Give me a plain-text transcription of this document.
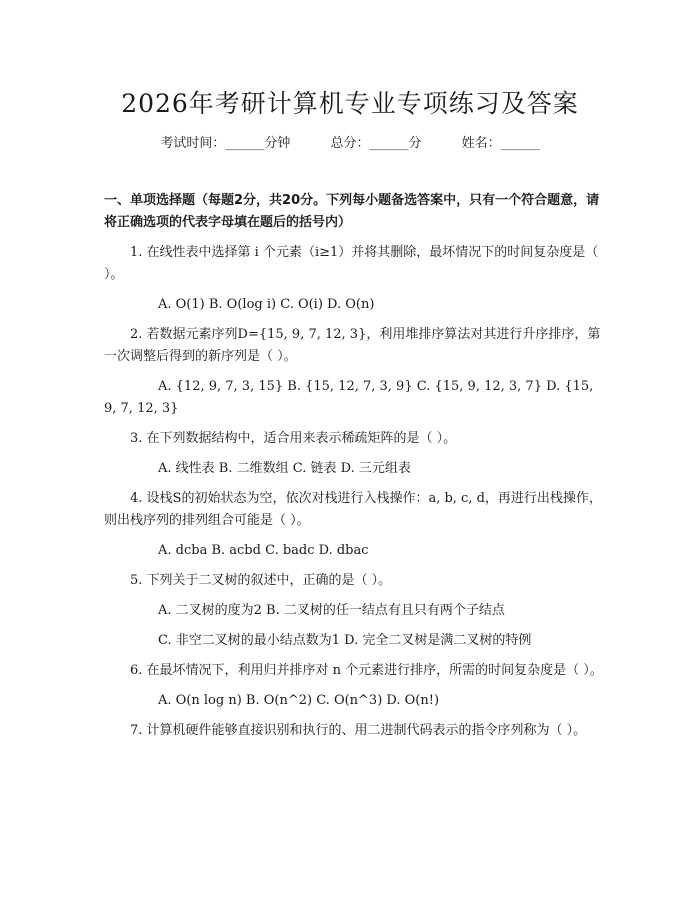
2026年考研计算机专业专项练习及答案
考试时间：______分钟	总分：______分	姓名：______

一、单项选择题（每题2分，共20分。下列每小题备选答案中，只有一个符合题意，请将正确选项的代表字母填在题后的括号内）

1. 在线性表中选择第 i 个元素（i≥1）并将其删除，最坏情况下的时间复杂度是（ ）。

A. O(1) B. O(log i) C. O(i) D. O(n)

2. 若数据元素序列D={15, 9, 7, 12, 3}，利用堆排序算法对其进行升序排序，第一次调整后得到的新序列是（ ）。

A. {12, 9, 7, 3, 15} B. {15, 12, 7, 3, 9} C. {15, 9, 12, 3, 7} D. {15, 9, 7, 12, 3}

3. 在下列数据结构中，适合用来表示稀疏矩阵的是（ ）。

A. 线性表 B. 二维数组 C. 链表 D. 三元组表

4. 设栈S的初始状态为空，依次对栈进行入栈操作：a, b, c, d，再进行出栈操作，则出栈序列的排列组合可能是（ ）。

A. dcba B. acbd C. badc D. dbac

5. 下列关于二叉树的叙述中，正确的是（ ）。

A. 二叉树的度为2 B. 二叉树的任一结点有且只有两个子结点

C. 非空二叉树的最小结点数为1 D. 完全二叉树是满二叉树的特例

6. 在最坏情况下，利用归并排序对 n 个元素进行排序，所需的时间复杂度是（ ）。

A. O(n log n) B. O(n^2) C. O(n^3) D. O(n!)

7. 计算机硬件能够直接识别和执行的、用二进制代码表示的指令序列称为（ ）。
